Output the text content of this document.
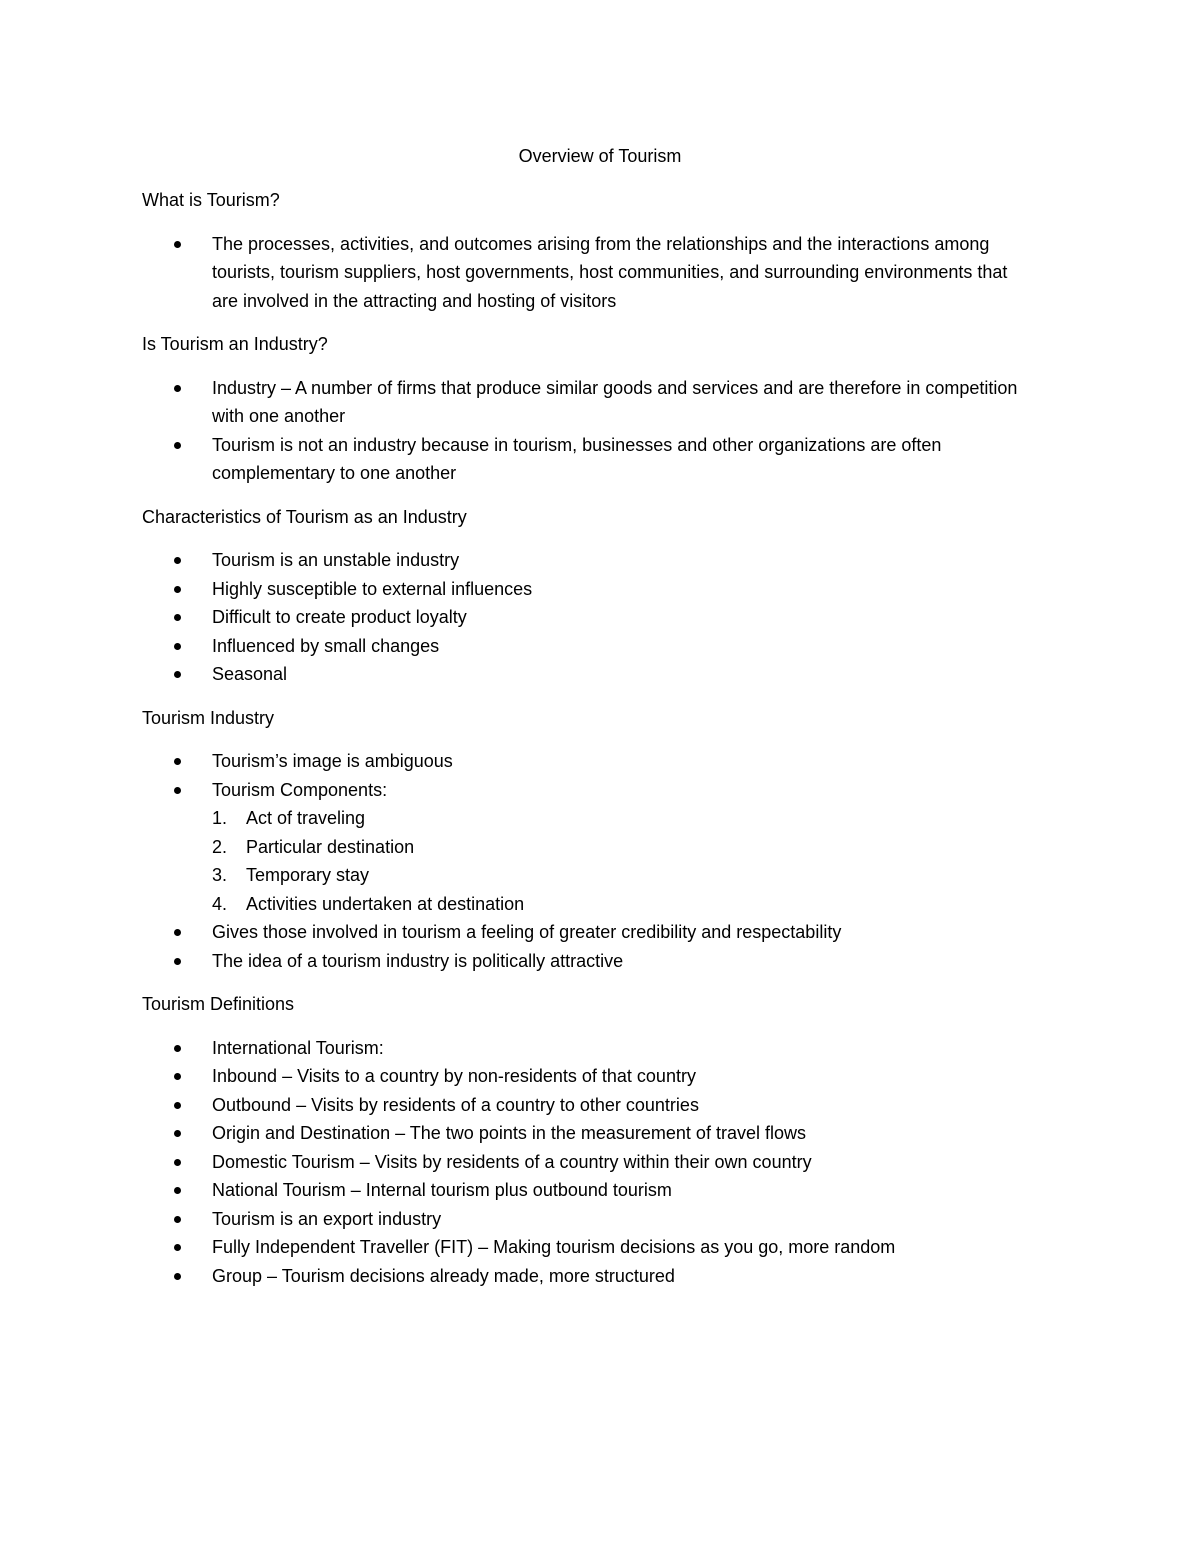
Overview of Tourism

What is Tourism?

The processes, activities, and outcomes arising from the relationships and the interactions among tourists, tourism suppliers, host governments, host communities, and surrounding environments that are involved in the attracting and hosting of visitors

Is Tourism an Industry?

Industry – A number of firms that produce similar goods and services and are therefore in competition with one another
Tourism is not an industry because in tourism, businesses and other organizations are often complementary to one another

Characteristics of Tourism as an Industry

Tourism is an unstable industry
Highly susceptible to external influences
Difficult to create product loyalty
Influenced by small changes
Seasonal

Tourism Industry

Tourism’s image is ambiguous
Tourism Components:
1. Act of traveling
2. Particular destination
3. Temporary stay
4. Activities undertaken at destination
Gives those involved in tourism a feeling of greater credibility and respectability
The idea of a tourism industry is politically attractive

Tourism Definitions

International Tourism:
Inbound – Visits to a country by non-residents of that country
Outbound – Visits by residents of a country to other countries
Origin and Destination – The two points in the measurement of travel flows
Domestic Tourism – Visits by residents of a country within their own country
National Tourism – Internal tourism plus outbound tourism
Tourism is an export industry
Fully Independent Traveller (FIT) – Making tourism decisions as you go, more random
Group – Tourism decisions already made, more structured
